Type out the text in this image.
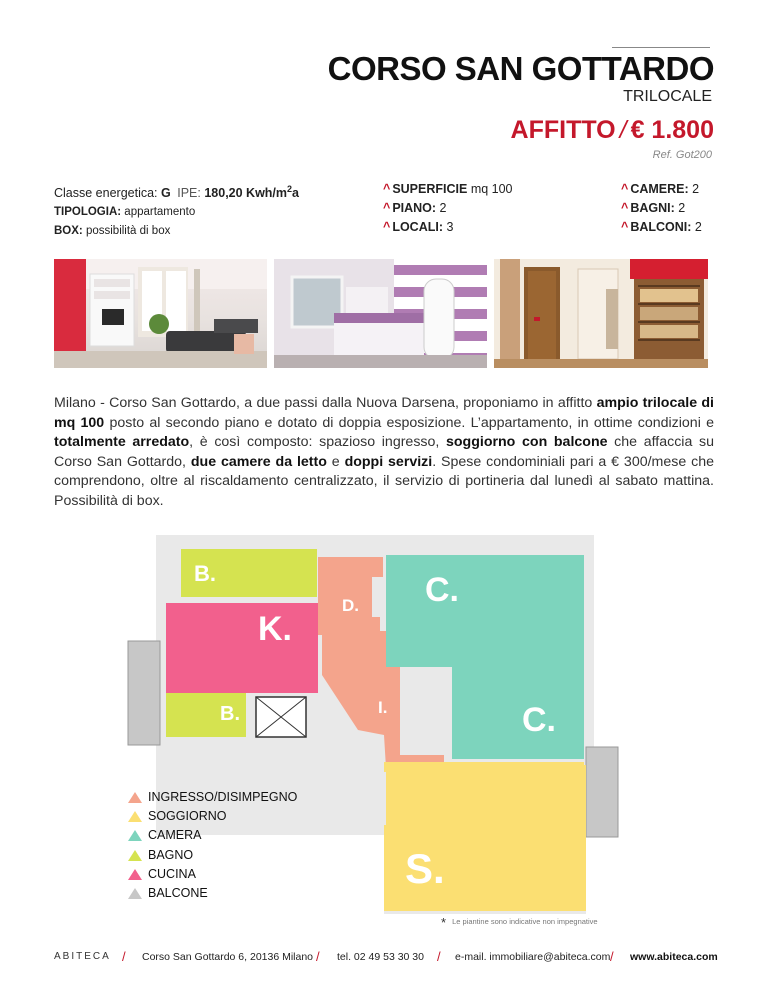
CORSO SAN GOTTARDO
TRILOCALE
AFFITTO / € 1.800
Ref. Got200
Classe energetica: G IPE: 180,20 Kwh/$m^2a$
TIPOLOGIA: appartamento
BOX: possibilità di box
^ SUPERFICIE mq 100
^ PIANO: 2
^ LOCALI: 3
^ CAMERE: 2
^ BAGNI: 2
^ BALCONI: 2
Milano - Corso San Gottardo, a due passi dalla Nuova Darsena, proponiamo in affitto ampio trilocale di mq 100 posto al secondo piano e dotato di doppia esposizione. L’appartamento, in ottime condizioni e totalmente arredato, è così composto: spazioso ingresso, soggiorno con balcone che affaccia su Corso San Gottardo, due camere da letto e doppi servizi. Spese condominiali pari a € 300/mese che comprendono, oltre al riscaldamento centralizzato, il servizio di portineria dal lunedì al sabato mattina. Possibilità di box.
B.
D. C.
K.
B.	I.	C.
S.
INGRESSO/DISIMPEGNO
SOGGIORNO
CAMERA
BAGNO
CUCINA
BALCONE
* Le piantine sono indicative non impegnative
ABITECA / Corso San Gottardo 6, 20136 Milano / tel. 02 49 53 30 30 / e-mail. immobiliare@abiteca.com / www.abiteca.com
